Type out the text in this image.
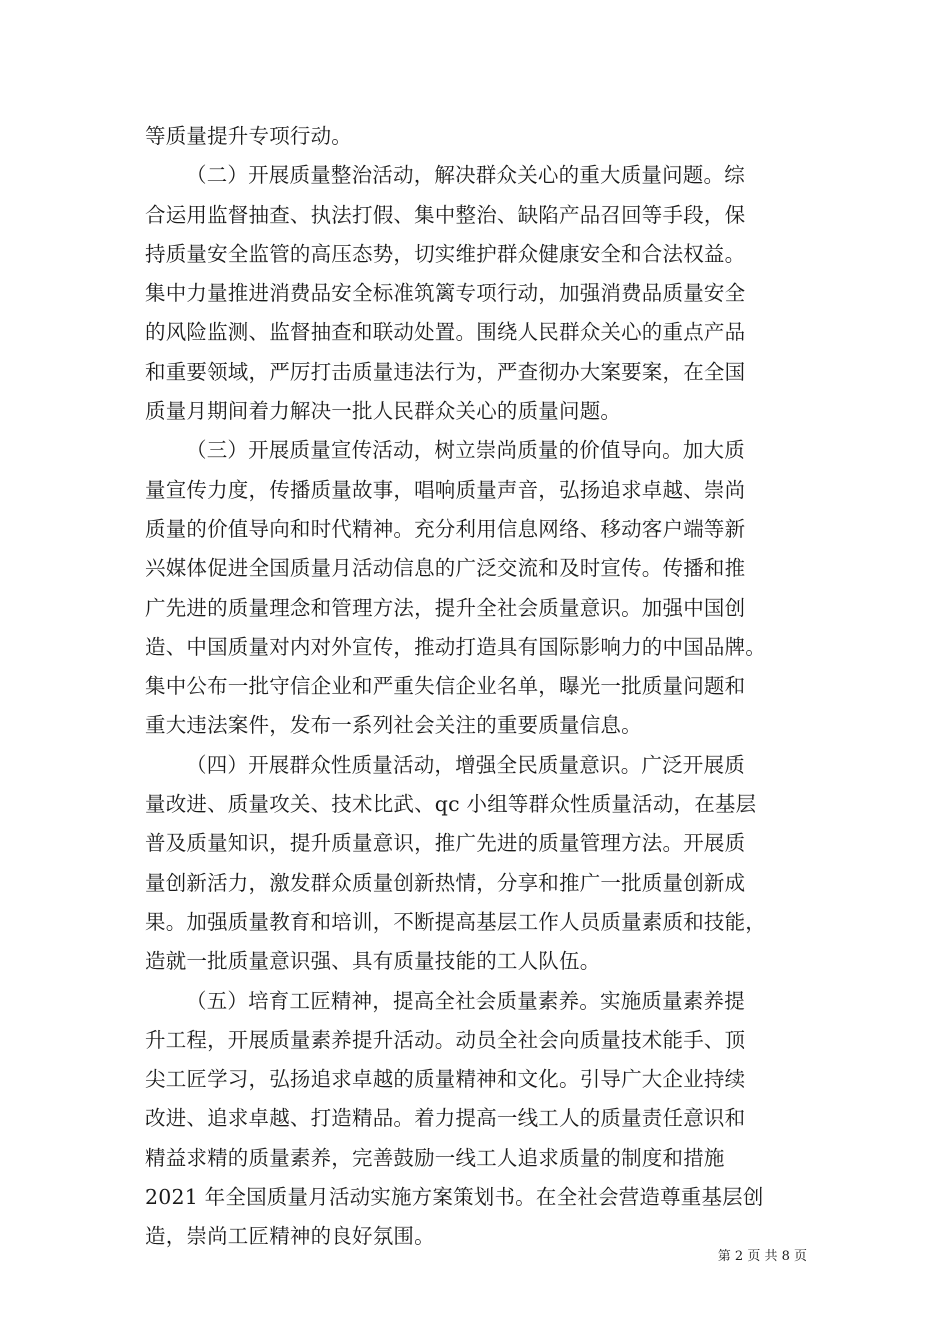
等质量提升专项行动。
（二）开展质量整治活动，解决群众关心的重大质量问题。综
合运用监督抽查、执法打假、集中整治、缺陷产品召回等手段，保
持质量安全监管的高压态势，切实维护群众健康安全和合法权益。
集中力量推进消费品安全标准筑篱专项行动，加强消费品质量安全
的风险监测、监督抽查和联动处置。围绕人民群众关心的重点产品
和重要领域，严厉打击质量违法行为，严查彻办大案要案，在全国
质量月期间着力解决一批人民群众关心的质量问题。
（三）开展质量宣传活动，树立崇尚质量的价值导向。加大质
量宣传力度，传播质量故事，唱响质量声音，弘扬追求卓越、崇尚
质量的价值导向和时代精神。充分利用信息网络、移动客户端等新
兴媒体促进全国质量月活动信息的广泛交流和及时宣传。传播和推
广先进的质量理念和管理方法，提升全社会质量意识。加强中国创
造、中国质量对内对外宣传，推动打造具有国际影响力的中国品牌。
集中公布一批守信企业和严重失信企业名单，曝光一批质量问题和
重大违法案件，发布一系列社会关注的重要质量信息。
（四）开展群众性质量活动，增强全民质量意识。广泛开展质
量改进、质量攻关、技术比武、qc 小组等群众性质量活动，在基层
普及质量知识，提升质量意识，推广先进的质量管理方法。开展质
量创新活力，激发群众质量创新热情，分享和推广一批质量创新成
果。加强质量教育和培训，不断提高基层工作人员质量素质和技能，
造就一批质量意识强、具有质量技能的工人队伍。
（五）培育工匠精神，提高全社会质量素养。实施质量素养提
升工程，开展质量素养提升活动。动员全社会向质量技术能手、顶
尖工匠学习，弘扬追求卓越的质量精神和文化。引导广大企业持续
改进、追求卓越、打造精品。着力提高一线工人的质量责任意识和
精益求精的质量素养，完善鼓励一线工人追求质量的制度和措施
2021 年全国质量月活动实施方案策划书。在全社会营造尊重基层创
造，崇尚工匠精神的良好氛围。
第 2 页 共 8 页
